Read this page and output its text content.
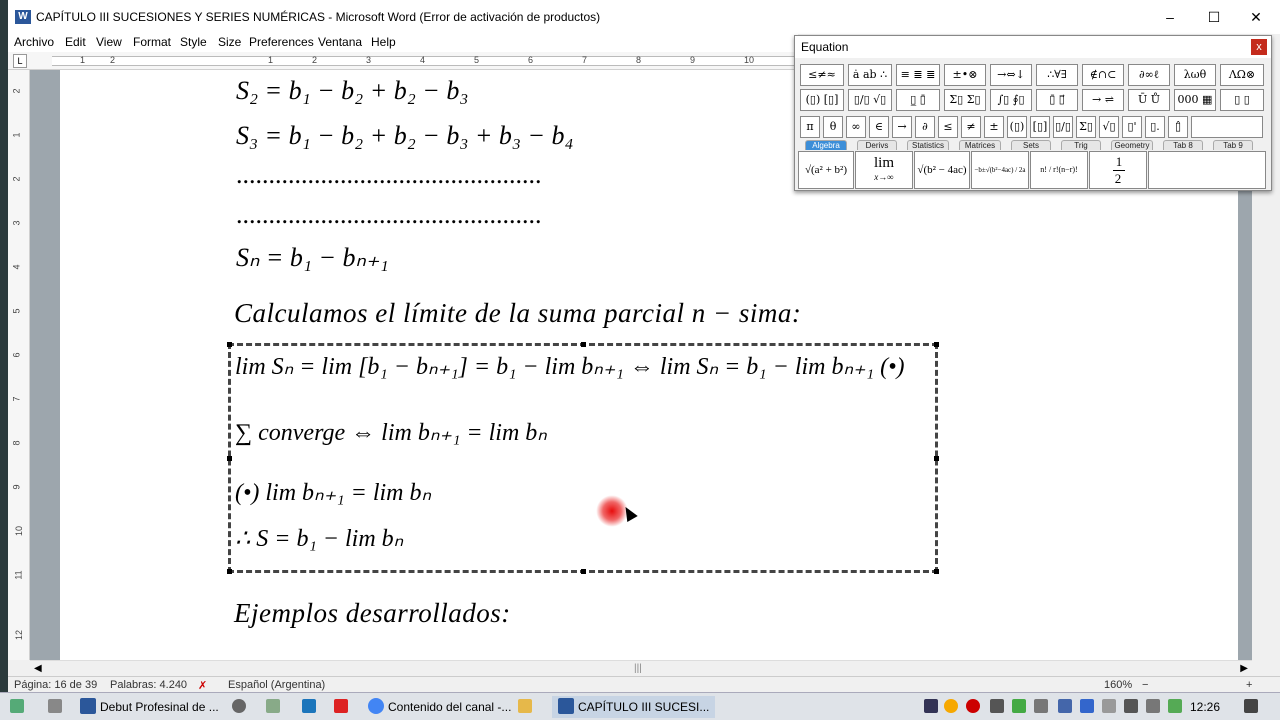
W CAPÍTULO III SUCESIONES Y SERIES NUMÉRICAS - Microsoft Word (Error de activación de productos)	–	☐	✕
Archivo Edit View Format Style Size Preferences Ventana Help
L	1	2	1	2	3	4	5	6	7	8	9	10
2
1
2
3
4
5
6
7
8
9
10
11
12
S₂ = b₁ − b₂ + b₂ − b₃
S₃ = b₁ − b₂ + b₂ − b₃ + b₃ − b₄
...............................................
...............................................
Sₙ = b₁ − bₙ₊₁
Calculamos el límite de la suma parcial n − sima:
lim Sₙ = lim [b₁ − bₙ₊₁] = b₁ − lim bₙ₊₁ ⇔ lim Sₙ = b₁ − lim bₙ₊₁ (•)
∑ converge ⇔ lim bₙ₊₁ = lim bₙ
(•) lim bₙ₊₁ = lim bₙ
∴ S = b₁ − lim bₙ
Ejemplos desarrollados:
◀	|||	▶
Página: 16 de 39 Palabras: 4.240 ✗ Español (Argentina)	160% −	+
Equation	x
≤≠≈	ȧ ab ∴	≡ ≣ ≣	±•⊗	→⇔↓	∴∀∃	∉∩⊂	∂∞ℓ	λωθ	ΛΩ⊗
(▯) [▯]	▯/▯ √▯	▯̲ ▯̄	Σ▯ Σ▯	∫▯ ∮▯	▯̄ ▯⃗	→ ⇌	Ū Ů	000 ▦	▯ ▯
π	θ	∞	∈	→	∂	≤	≠	±	(▯) [▯] ▯/▯ Σ▯ √▯	▯'	▯.	▯̂
Algebra	Derivs	Statistics	Matrices	Sets	Trig	Geometry	Tab 8	Tab 9
√(a² + b²)	lim
x→∞
√(b² − 4ac)	−b±√(b²−4ac) / 2a	n! / r!(n−r)! $\frac{1}{2}$
Debut Profesinal de ...	Contenido del canal -...	CAPÍTULO III SUCESI...	12:26
